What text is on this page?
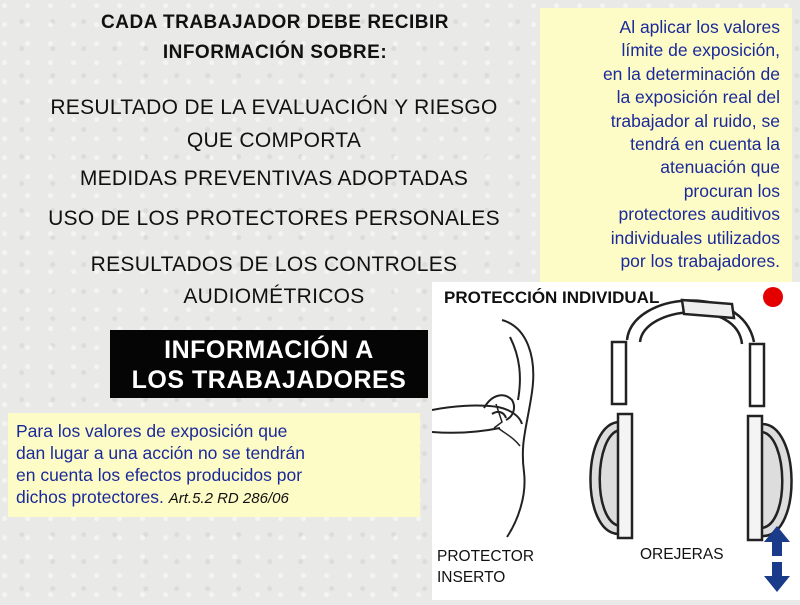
CADA TRABAJADOR DEBE RECIBIR
INFORMACIÓN SOBRE:
RESULTADO DE LA EVALUACIÓN Y RIESGO
QUE COMPORTA
MEDIDAS PREVENTIVAS ADOPTADAS
USO DE LOS PROTECTORES PERSONALES
RESULTADOS DE LOS CONTROLES
AUDIOMÉTRICOS
Al aplicar los valores
límite de exposición,
en la determinación de
la exposición real del
trabajador al ruido, se
tendrá en cuenta la
atenuación que
procuran los
protectores auditivos
individuales utilizados
por los trabajadores.
INFORMACIÓN A
LOS TRABAJADORES
Para los valores de exposición que
dan lugar a una acción no se tendrán
en cuenta los efectos producidos por
dichos protectores. Art.5.2 RD 286/06
PROTECCIÓN INDIVIDUAL
PROTECTOR
INSERTO
OREJERAS
